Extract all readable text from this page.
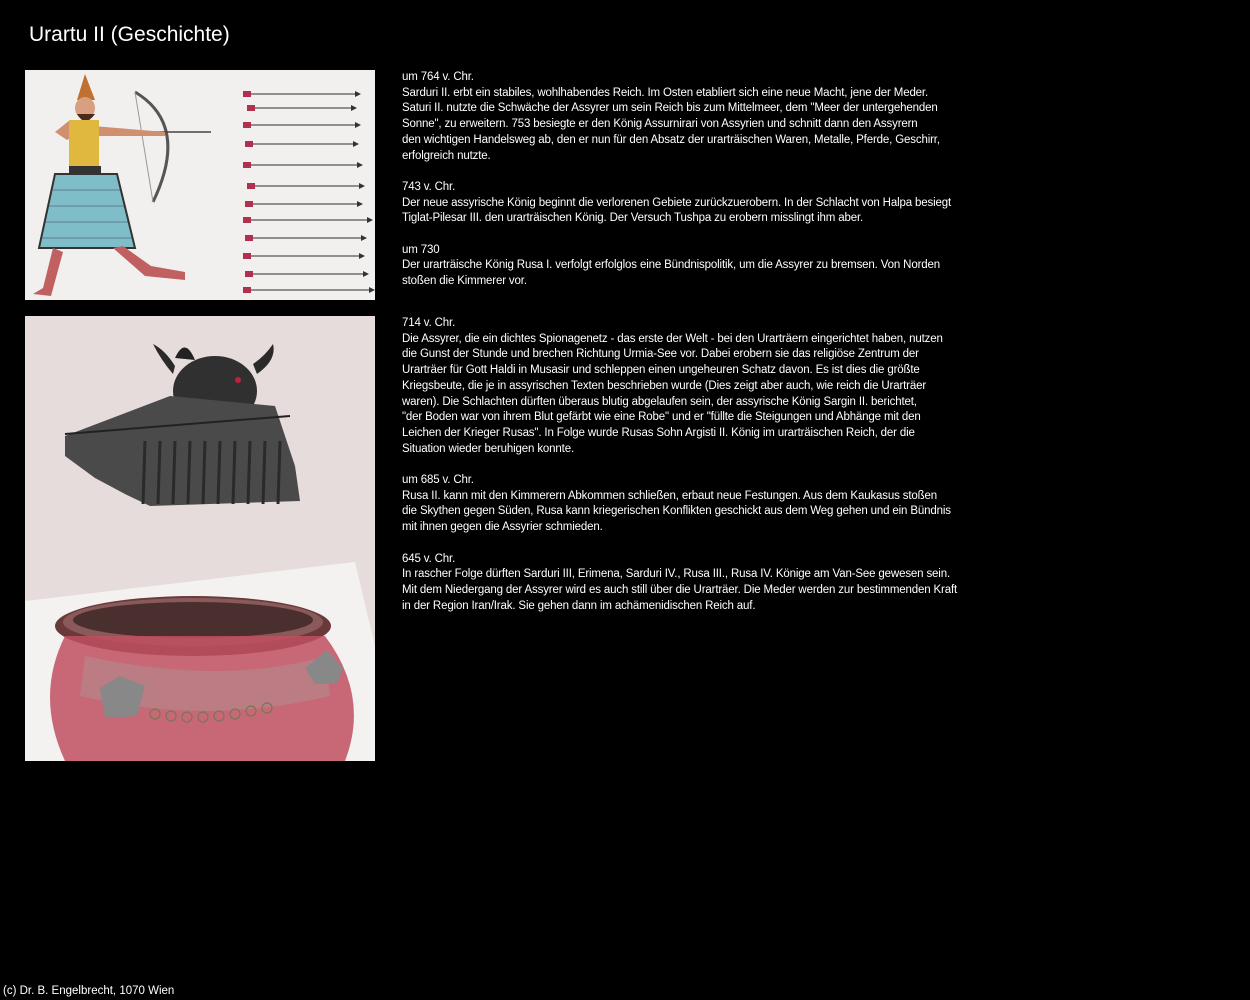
Urartu II (Geschichte)
um 764 v. Chr.
Sarduri II. erbt ein stabiles, wohlhabendes Reich. Im Osten etabliert sich eine neue Macht, jene der Meder.
Saturi II. nutzte die Schwäche der Assyrer um sein Reich bis zum Mittelmeer, dem "Meer der untergehenden
Sonne", zu erweitern. 753 besiegte er den König Assurnirari von Assyrien und schnitt dann den Assyrern
den wichtigen Handelsweg ab, den er nun für den Absatz der urarträischen Waren, Metalle, Pferde, Geschirr,
erfolgreich nutzte.
743 v. Chr.
Der neue assyrische König beginnt die verlorenen Gebiete zurückzuerobern. In der Schlacht von Halpa besiegt
Tiglat-Pilesar III. den urarträischen König. Der Versuch Tushpa zu erobern misslingt ihm aber.
um 730
Der urarträische König Rusa I. verfolgt erfolglos eine Bündnispolitik, um die Assyrer zu bremsen. Von Norden
stoßen die Kimmerer vor.
714 v. Chr.
Die Assyrer, die ein dichtes Spionagenetz - das erste der Welt - bei den Urarträern eingerichtet haben, nutzen
die Gunst der Stunde und brechen Richtung Urmia-See vor. Dabei erobern sie das religiöse Zentrum der
Urarträer für Gott Haldi in Musasir und schleppen einen ungeheuren Schatz davon. Es ist dies die größte
Kriegsbeute, die je in assyrischen Texten beschrieben wurde (Dies zeigt aber auch, wie reich die Urarträer
waren). Die Schlachten dürften überaus blutig abgelaufen sein, der assyrische König Sargin II. berichtet,
"der Boden war von ihrem Blut gefärbt wie eine Robe" und er "füllte die Steigungen und Abhänge mit den
Leichen der Krieger Rusas". In Folge wurde Rusas Sohn Argisti II. König im urarträischen Reich, der die
Situation wieder beruhigen konnte.
um 685 v. Chr.
Rusa II. kann mit den Kimmerern Abkommen schließen, erbaut neue Festungen. Aus dem Kaukasus stoßen
die Skythen gegen Süden, Rusa kann kriegerischen Konflikten geschickt aus dem Weg gehen und ein Bündnis
mit ihnen gegen die Assyrier schmieden.
645 v. Chr.
In rascher Folge dürften Sarduri III, Erimena, Sarduri IV., Rusa III., Rusa IV. Könige am Van-See gewesen sein.
Mit dem Niedergang der Assyrer wird es auch still über die Urarträer. Die Meder werden zur bestimmenden Kraft
in der Region Iran/Irak. Sie gehen dann im achämenidischen Reich auf.
(c) Dr. B. Engelbrecht, 1070 Wien
